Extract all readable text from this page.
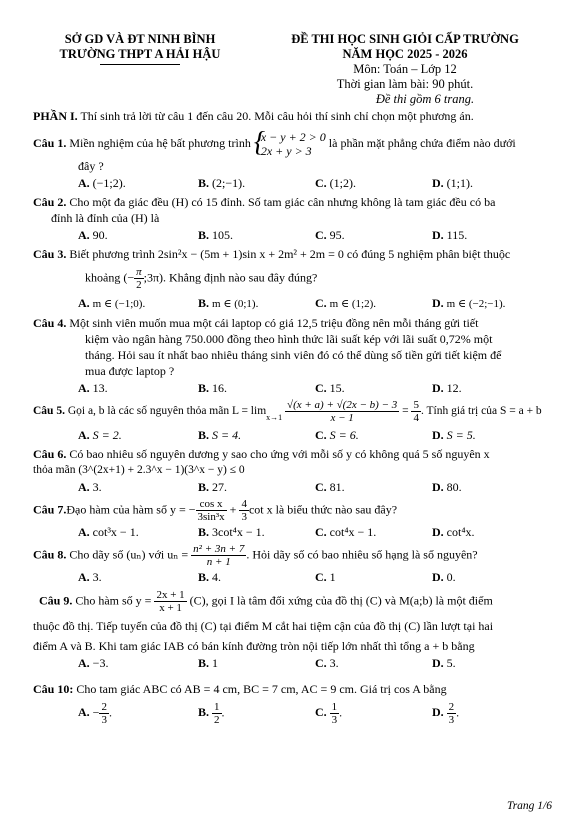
SỞ GD VÀ ĐT NINH BÌNH
TRƯỜNG THPT A HẢI HẬU
ĐỀ THI HỌC SINH GIỎI CẤP TRƯỜNG
NĂM HỌC 2025 - 2026
Môn: Toán – Lớp 12
Thời gian làm bài: 90 phút.
Đề thi gồm 6 trang.

PHẦN I. Thí sinh trả lời từ câu 1 đến câu 20. Mỗi câu hỏi thí sinh chỉ chọn một phương án.

Câu 1. Miền nghiệm của hệ bất phương trình {
x − y + 2 > 0
2x + y > 3
là phần mặt phẳng chứa điểm nào dưới

đây ?

A. (−1;2).	B. (2;−1).	C. (1;2).	D. (1;1).

Câu 2. Cho một đa giác đều (H) có 15 đỉnh. Số tam giác cân nhưng không là tam giác đều có ba

đỉnh là đỉnh của (H) là

A. 90.	B. 105.	C. 95.	D. 115.

Câu 3. Biết phương trình 2sin²x − (5m + 1)sin x + 2m² + 2m = 0 có đúng 5 nghiệm phân biệt thuộc

khoảng (− $\frac{\pi}{2}$ ;3π). Khẳng định nào sau đây đúng?

A. m ∈ (−1;0).	B. m ∈ (0;1).	C. m ∈ (1;2).	D. m ∈ (−2;−1).

Câu 4. Một sinh viên muốn mua một cái laptop có giá 12,5 triệu đồng nên mỗi tháng gửi tiết

kiệm vào ngân hàng 750.000 đồng theo hình thức lãi suất kép với lãi suất 0,72% một

tháng. Hỏi sau ít nhất bao nhiêu tháng sinh viên đó có thể dùng số tiền gửi tiết kiệm để

mua được laptop ?

A. 13.	B. 16.	C. 15.	D. 12.

Câu 5. Gọi a, b là các số nguyên thỏa mãn $L = \lim_{x\to 1} \frac{√(x + a) + √(2x - b) - 3}{x - 1} = \frac{5}{4}$ . Tính giá trị của S = a + b

A. S = 2.	B. S = 4.	C. S = 6.	D. S = 5.

Câu 6. Có bao nhiêu số nguyên dương y sao cho ứng với mỗi số y có không quá 5 số nguyên x

thỏa mãn (3^(2x+1) + 2.3^x − 1)(3^x − y) ≤ 0

A. 3.	B. 27.	C. 81.	D. 80.

Câu 7.Đạo hàm của hàm số y = − $\frac{\text{cos x}}{\text{3sin³x}} + \frac{4}{3}$ cot x là biểu thức nào sau đây?

A. cot³x − 1.	B. 3cot⁴x − 1.	C. cot⁴x − 1.	D. cot⁴x.

Câu 8. Cho dãy số (uₙ) với $u_n = \frac{\text{n² + 3n + 7}}{n + 1}$ . Hỏi dãy số có bao nhiêu số hạng là số nguyên?

A. 3.	B. 4.	C. 1	D. 0.

Câu 9. Cho hàm số $y = \frac{2x + 1}{x + 1} (C)$, gọi I là tâm đối xứng của đồ thị (C) và M(a;b) là một điểm

thuộc đồ thị. Tiếp tuyến của đồ thị (C) tại điểm M cắt hai tiệm cận của đồ thị (C) lần lượt tại hai

điểm A và B. Khi tam giác IAB có bán kính đường tròn nội tiếp lớn nhất thì tổng a + b bằng

A. −3.	B. 1	C. 3.	D. 5.

Câu 10: Cho tam giác ABC có AB = 4 cm, BC = 7 cm, AC = 9 cm. Giá trị cos A bằng

A. − $\frac{2}{3}$ .	B. $\frac{1}{2}$ .	C. $\frac{1}{3}$ .	D. $\frac{2}{3}$ .
Trang 1/6
